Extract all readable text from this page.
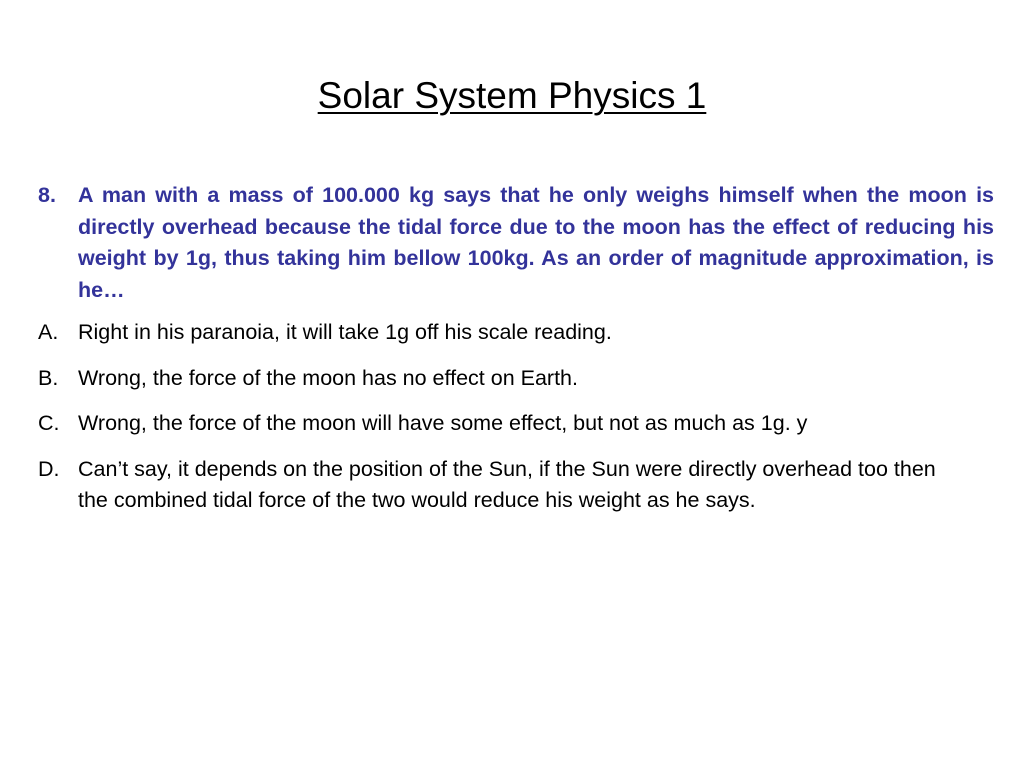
Solar System Physics 1
8.	A man with a mass of 100.000 kg says that he only weighs himself when the moon is directly overhead because the tidal force due to the moon has the effect of reducing his weight by 1g, thus taking him bellow 100kg. As an order of magnitude approximation, is he…
A. Right in his paranoia, it will take 1g off his scale reading.
B. Wrong, the force of the moon has no effect on Earth.
C. Wrong, the force of the moon will have some effect, but not as much as 1g. y
D. Can’t say, it depends on the position of the Sun, if the Sun were directly overhead too then the combined tidal force of the two would reduce his weight as he says.
